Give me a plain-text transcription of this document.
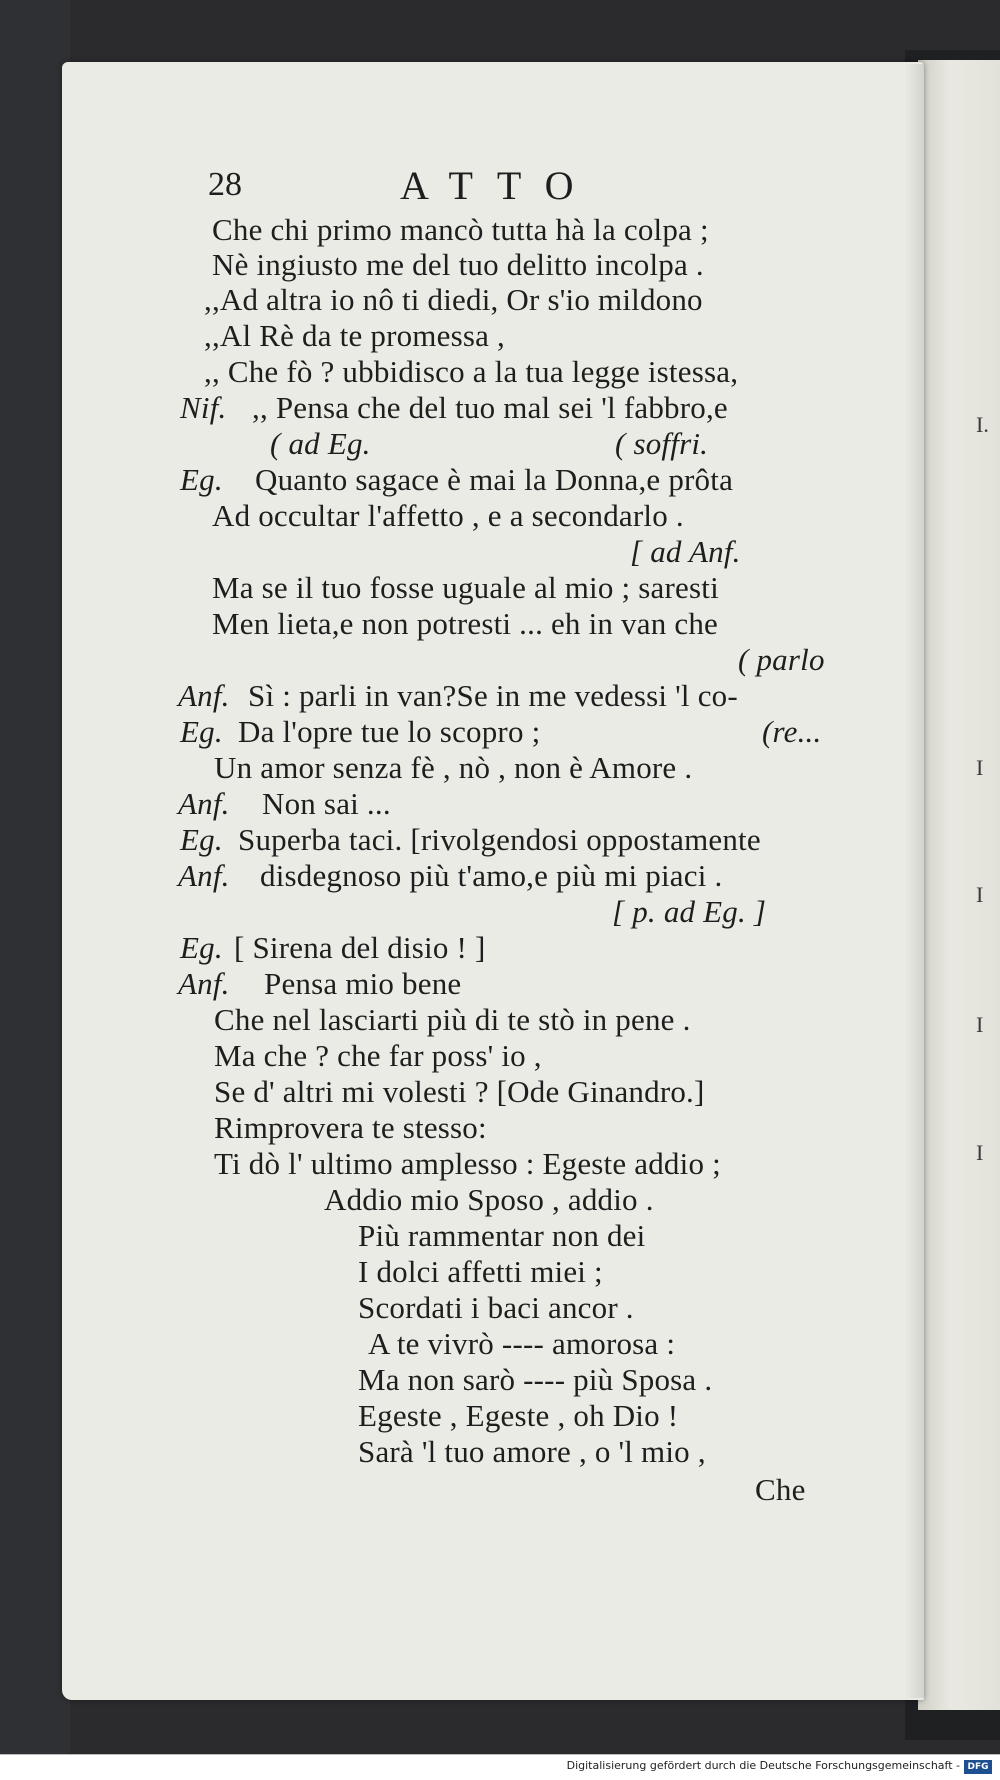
I.
I
I
I
I
28	ATTO
Che chi primo mancò tutta hà la colpa ;
Nè ingiusto me del tuo delitto incolpa .
,,Ad altra io nô ti diedi, Or s'io mildono
,,Al Rè da te promessa ,
,, Che fò ? ubbidisco a la tua legge istessa,
Nif. ,, Pensa che del tuo mal sei 'l fabbro,e
( ad Eg.	( soffri.
Eg. Quanto sagace è mai la Donna,e prôta
Ad occultar l'affetto , e a secondarlo .
[ ad Anf.
Ma se il tuo fosse uguale al mio ; saresti
Men lieta,e non potresti ... eh in van che
( parlo
Anf. Sì : parli in van?Se in me vedessi 'l co-
Eg. Da l'opre tue lo scopro ;	(re...
Un amor senza fè , nò , non è Amore .
Anf. Non sai ...
Eg. Superba taci. [rivolgendosi oppostamente
Anf. disdegnoso più t'amo,e più mi piaci .
[ p. ad Eg. ]
Eg. [ Sirena del disio ! ]
Anf. Pensa mio bene
Che nel lasciarti più di te stò in pene .
Ma che ? che far poss' io ,
Se d' altri mi volesti ? [Ode Ginandro.]
Rimprovera te stesso:
Ti dò l' ultimo amplesso : Egeste addio ;
Addio mio Sposo , addio .
Più rammentar non dei
I dolci affetti miei ;
Scordati i baci ancor .
A te vivrò ---- amorosa :
Ma non sarò ---- più Sposa .
Egeste , Egeste , oh Dio !
Sarà 'l tuo amore , o 'l mio ,
Che
Digitalisierung gefördert durch die Deutsche Forschungsgemeinschaft - DFG
